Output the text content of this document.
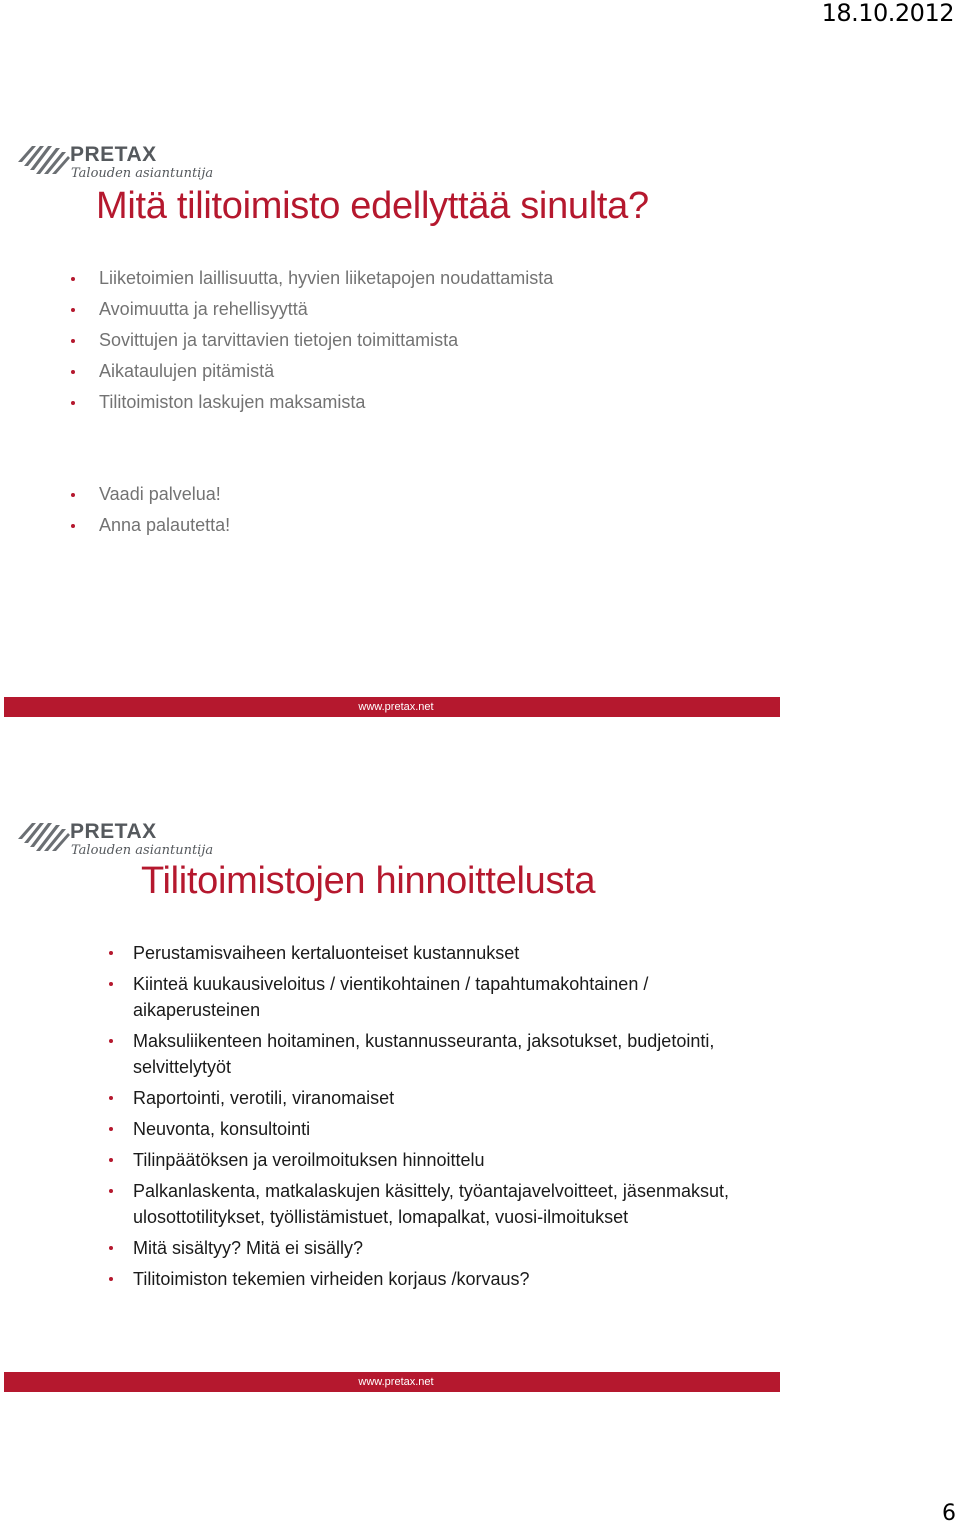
18.10.2012
PRETAX
Talouden asiantuntija
Mitä tilitoimisto edellyttää sinulta?
Liiketoimien laillisuutta, hyvien liiketapojen noudattamista
Avoimuutta ja rehellisyyttä
Sovittujen ja tarvittavien tietojen toimittamista
Aikataulujen pitämistä
Tilitoimiston laskujen maksamista
Vaadi palvelua!
Anna palautetta!
www.pretax.net
PRETAX
Talouden asiantuntija
Tilitoimistojen hinnoittelusta
Perustamisvaiheen kertaluonteiset kustannukset
Kiinteä kuukausiveloitus / vientikohtainen / tapahtumakohtainen / aikaperusteinen
Maksuliikenteen hoitaminen, kustannusseuranta, jaksotukset, budjetointi, selvittelytyöt
Raportointi, verotili, viranomaiset
Neuvonta, konsultointi
Tilinpäätöksen ja veroilmoituksen hinnoittelu
Palkanlaskenta, matkalaskujen käsittely, työantajavelvoitteet, jäsenmaksut, ulosottotilitykset, työllistämistuet, lomapalkat, vuosi-ilmoitukset
Mitä sisältyy? Mitä ei sisälly?
Tilitoimiston tekemien virheiden korjaus /korvaus?
www.pretax.net
6
